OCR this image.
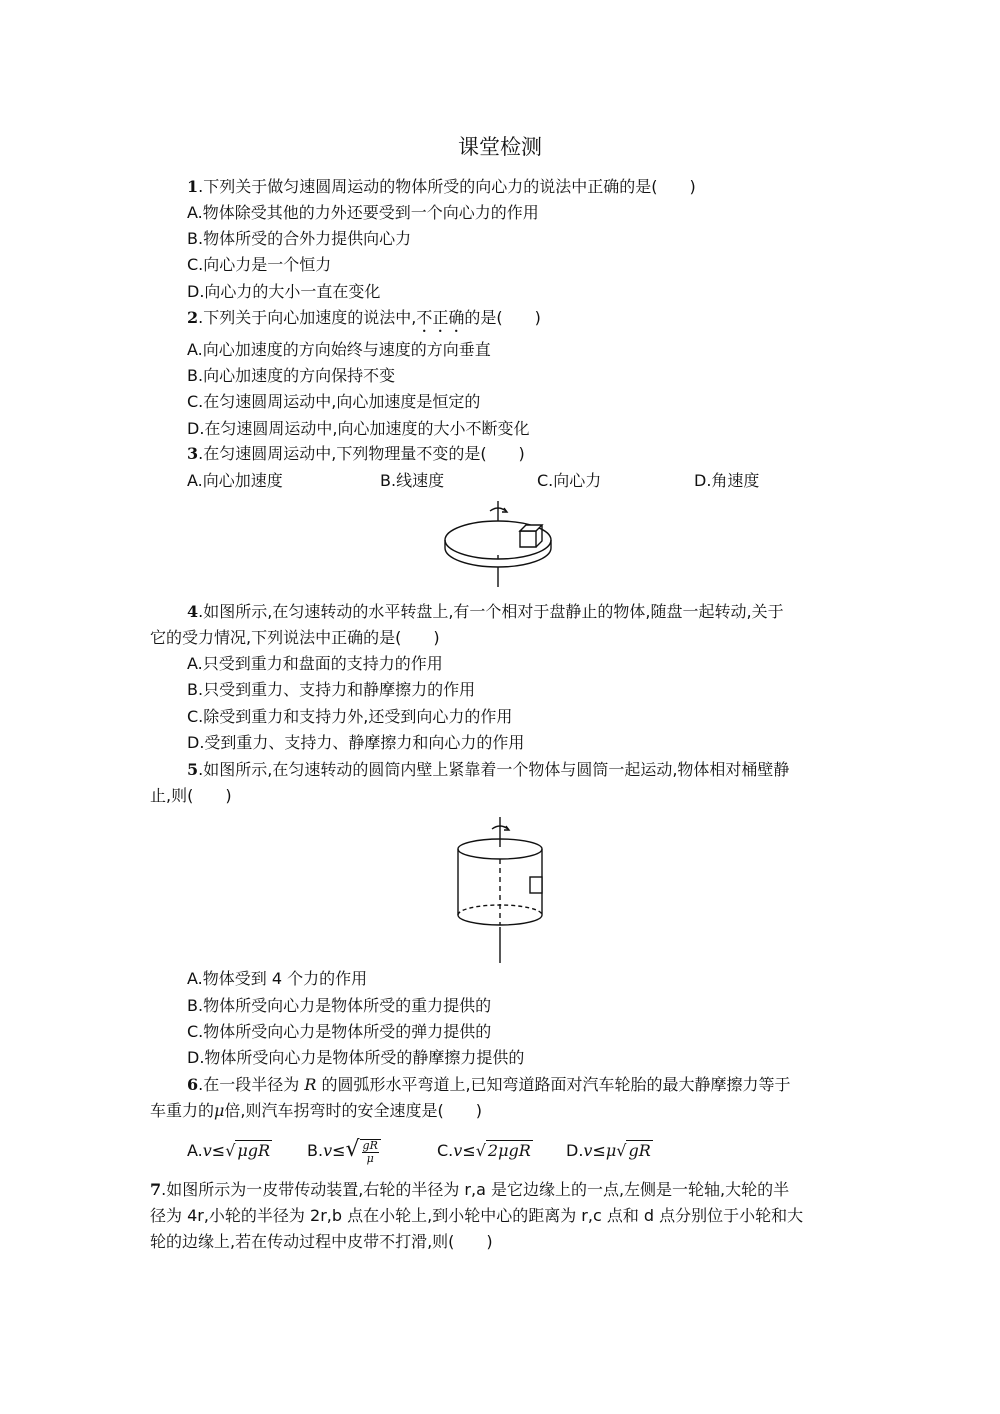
课堂检测
1.下列关于做匀速圆周运动的物体所受的向心力的说法中正确的是(　　)
A.物体除受其他的力外还要受到一个向心力的作用
B.物体所受的合外力提供向心力
C.向心力是一个恒力
D.向心力的大小一直在变化
2.下列关于向心加速度的说法中,不正确的是(　　)
A.向心加速度的方向始终与速度的方向垂直
B.向心加速度的方向保持不变
C.在匀速圆周运动中,向心加速度是恒定的
D.在匀速圆周运动中,向心加速度的大小不断变化
3.在匀速圆周运动中,下列物理量不变的是(　　)
A.向心加速度	B.线速度	C.向心力	D.角速度
4.如图所示,在匀速转动的水平转盘上,有一个相对于盘静止的物体,随盘一起转动,关于
它的受力情况,下列说法中正确的是(　　)
A.只受到重力和盘面的支持力的作用
B.只受到重力、支持力和静摩擦力的作用
C.除受到重力和支持力外,还受到向心力的作用
D.受到重力、支持力、静摩擦力和向心力的作用
5.如图所示,在匀速转动的圆筒内壁上紧靠着一个物体与圆筒一起运动,物体相对桶壁静
止,则(　　)
A.物体受到 4 个力的作用
B.物体所受向心力是物体所受的重力提供的
C.物体所受向心力是物体所受的弹力提供的
D.物体所受向心力是物体所受的静摩擦力提供的
6.在一段半径为 R 的圆弧形水平弯道上,已知弯道路面对汽车轮胎的最大静摩擦力等于
车重力的μ倍,则汽车拐弯时的安全速度是(　　)
A.v≤√ μgR $B.v\le√ \frac{gR}{\mu}$	C.v≤√ 2μgR D.v≤μ√ gR
7.如图所示为一皮带传动装置,右轮的半径为 r,a 是它边缘上的一点,左侧是一轮轴,大轮的半
径为 4r,小轮的半径为 2r,b 点在小轮上,到小轮中心的距离为 r,c 点和 d 点分别位于小轮和大
轮的边缘上,若在传动过程中皮带不打滑,则(　　)
